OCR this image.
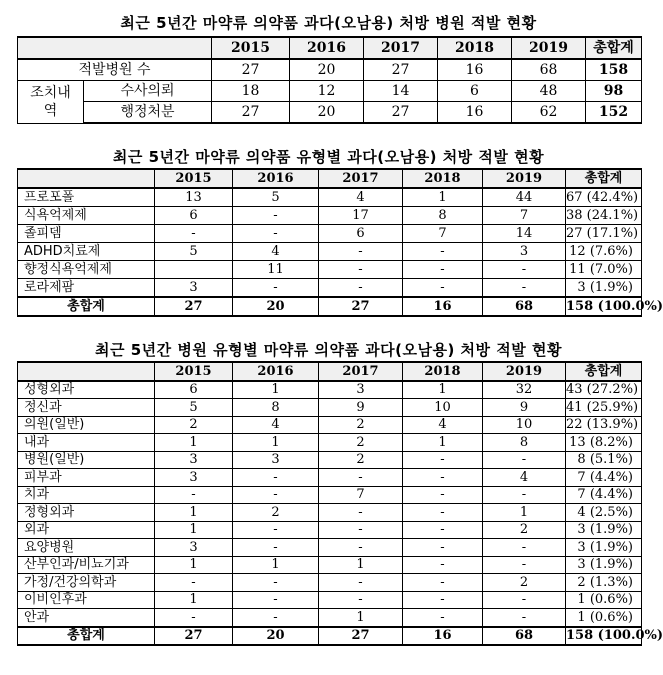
최근 5년간 마약류 의약품 과다(오남용) 처방 병원 적발 현황
		2015	2016	2017	2018	2019	총합계
적발병원 수		27	20	27	16	68	158
조치내역	수사의뢰	18	12	14	6	48	98
	행정처분	27	20	27	16	62	152
최근 5년간 마약류 의약품 유형별 과다(오남용) 처방 적발 현황
	2015	2016	2017	2018	2019	총합계
프로포폴	13	5	4	1	44	67 (42.4%)
식욕억제제	6	-	17	8	7	38 (24.1%)
졸피뎀	-	-	6	7	14	27 (17.1%)
ADHD치료제	5	4	-	-	3	12 (7.6%)
향정식욕억제제		11	-	-	-	11 (7.0%)
로라제팜	3	-	-	-	-	3 (1.9%)
총합계	27	20	27	16	68	158 (100.0%)
최근 5년간 병원 유형별 마약류 의약품 과다(오남용) 처방 적발 현황
	2015	2016	2017	2018	2019	총합계
성형외과	6	1	3	1	32	43 (27.2%)
정신과	5	8	9	10	9	41 (25.9%)
의원(일반)	2	4	2	4	10	22 (13.9%)
내과	1	1	2	1	8	13 (8.2%)
병원(일반)	3	3	2	-	-	8 (5.1%)
피부과	3	-	-	-	4	7 (4.4%)
치과	-	-	7	-	-	7 (4.4%)
정형외과	1	2	-	-	1	4 (2.5%)
외과	1	-	-	-	2	3 (1.9%)
요양병원	3	-	-	-	-	3 (1.9%)
산부인과/비뇨기과	1	1	1	-	-	3 (1.9%)
가정/건강의학과	-	-	-	-	2	2 (1.3%)
이비인후과	1	-	-	-	-	1 (0.6%)
안과	-	-	1	-	-	1 (0.6%)
총합계	27	20	27	16	68	158 (100.0%)
